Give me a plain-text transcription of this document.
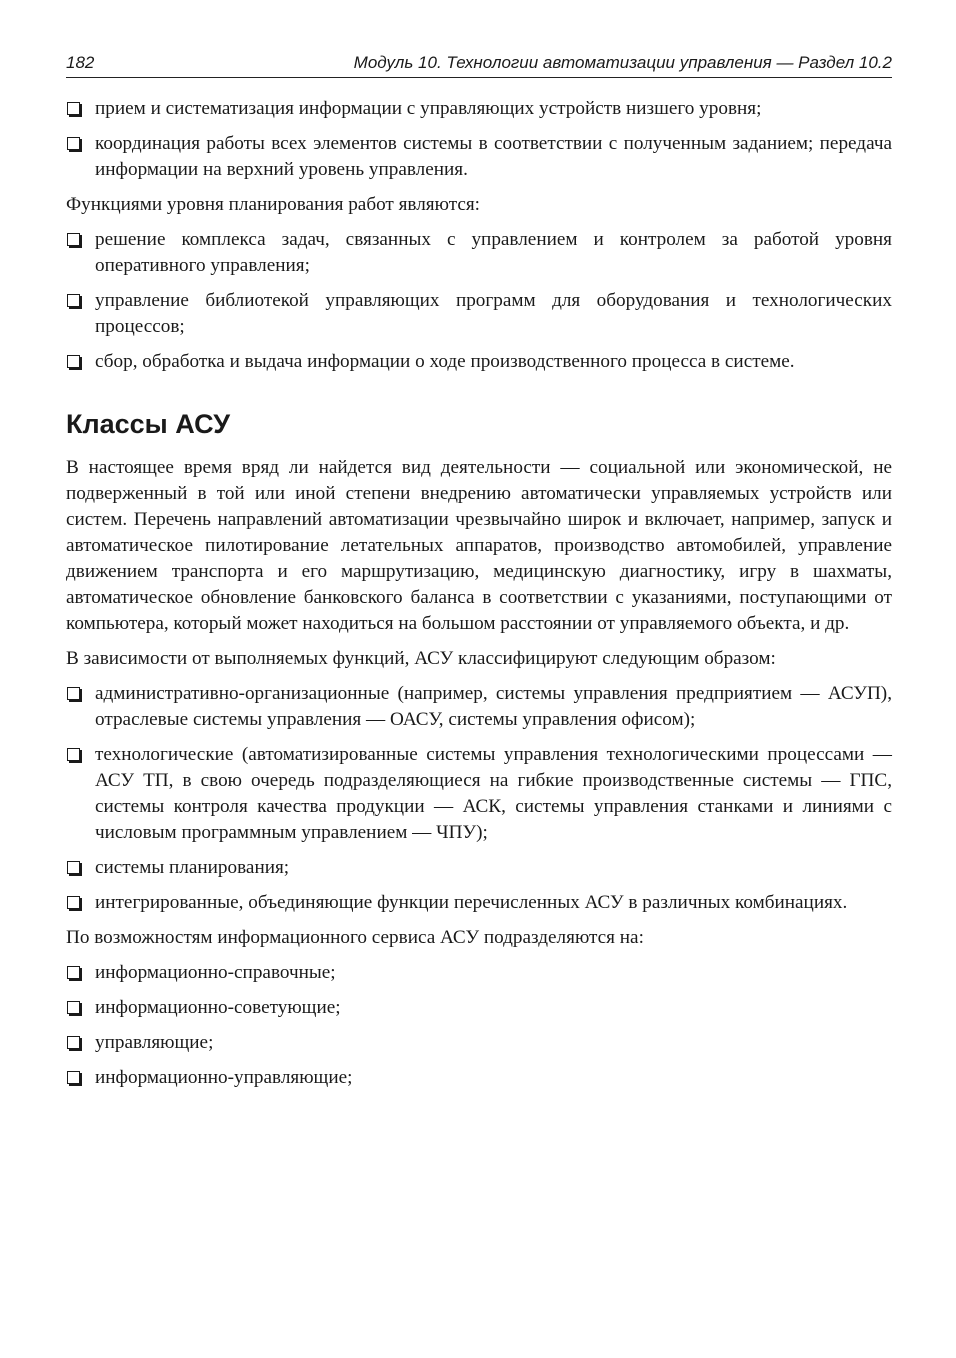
182	Модуль 10. Технологии автоматизации управления — Раздел 10.2
прием и систематизация информации с управляющих устройств низшего уровня;
координация работы всех элементов системы в соответствии с полученным заданием; передача информации на верхний уровень управления.

Функциями уровня планирования работ являются:

решение комплекса задач, связанных с управлением и контролем за работой уровня оперативного управления;
управление библиотекой управляющих программ для оборудования и технологических процессов;
сбор, обработка и выдача информации о ходе производственного процесса в системе.
Классы АСУ

В настоящее время вряд ли найдется вид деятельности — социальной или экономической, не подверженный в той или иной степени внедрению автоматически управляемых устройств или систем. Перечень направлений автоматизации чрезвычайно широк и включает, например, запуск и автоматическое пилотирование летательных аппаратов, производство автомобилей, управление движением транспорта и его маршрутизацию, медицинскую диагностику, игру в шахматы, автоматическое обновление банковского баланса в соответствии с указаниями, поступающими от компьютера, который может находиться на большом расстоянии от управляемого объекта, и др.

В зависимости от выполняемых функций, АСУ классифицируют следующим образом:

административно-организационные (например, системы управления предприятием — АСУП), отраслевые системы управления — ОАСУ, системы управления офисом);
технологические (автоматизированные системы управления технологическими процессами — АСУ ТП, в свою очередь подразделяющиеся на гибкие производственные системы — ГПС, системы контроля качества продукции — АСК, системы управления станками и линиями с числовым программным управлением — ЧПУ);
системы планирования;
интегрированные, объединяющие функции перечисленных АСУ в различных комбинациях.

По возможностям информационного сервиса АСУ подразделяются на:

информационно-справочные;
информационно-советующие;
управляющие;
информационно-управляющие;
